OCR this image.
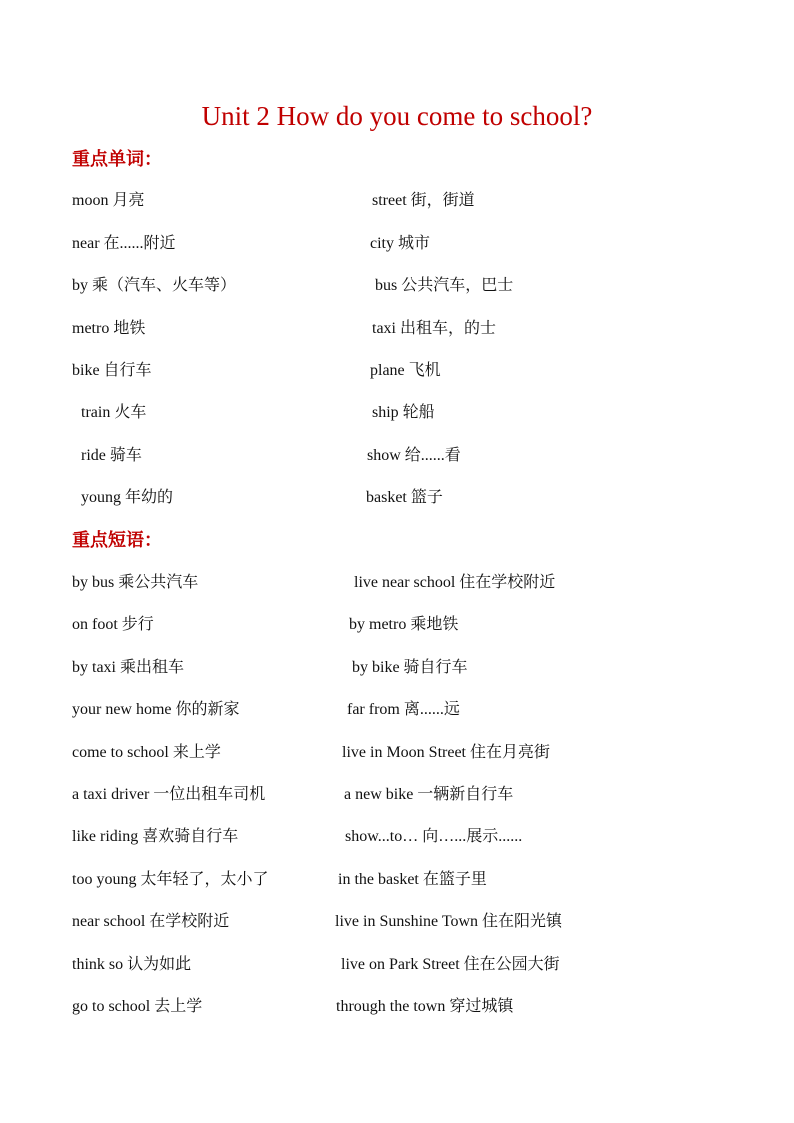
Unit 2 How do you come to school?
重点单词：
moon 月亮	street 街，街道
near 在......附近	city 城市
by 乘（汽车、火车等）	bus 公共汽车，巴士
metro 地铁	taxi 出租车，的士
bike 自行车	plane 飞机
train 火车	ship 轮船
ride 骑车	show 给......看
young 年幼的	basket 篮子
重点短语：
by bus 乘公共汽车	live near school 住在学校附近
on foot 步行	by metro 乘地铁
by taxi 乘出租车	by bike 骑自行车
your new home 你的新家	far from 离......远
come to school 来上学	live in Moon Street 住在月亮街
a taxi driver 一位出租车司机	a new bike 一辆新自行车
like riding 喜欢骑自行车	show...to… 向…...展示......
too young 太年轻了，太小了	in the basket 在篮子里
near school 在学校附近	live in Sunshine Town 住在阳光镇
think so 认为如此	live on Park Street 住在公园大街
go to school 去上学	through the town 穿过城镇
